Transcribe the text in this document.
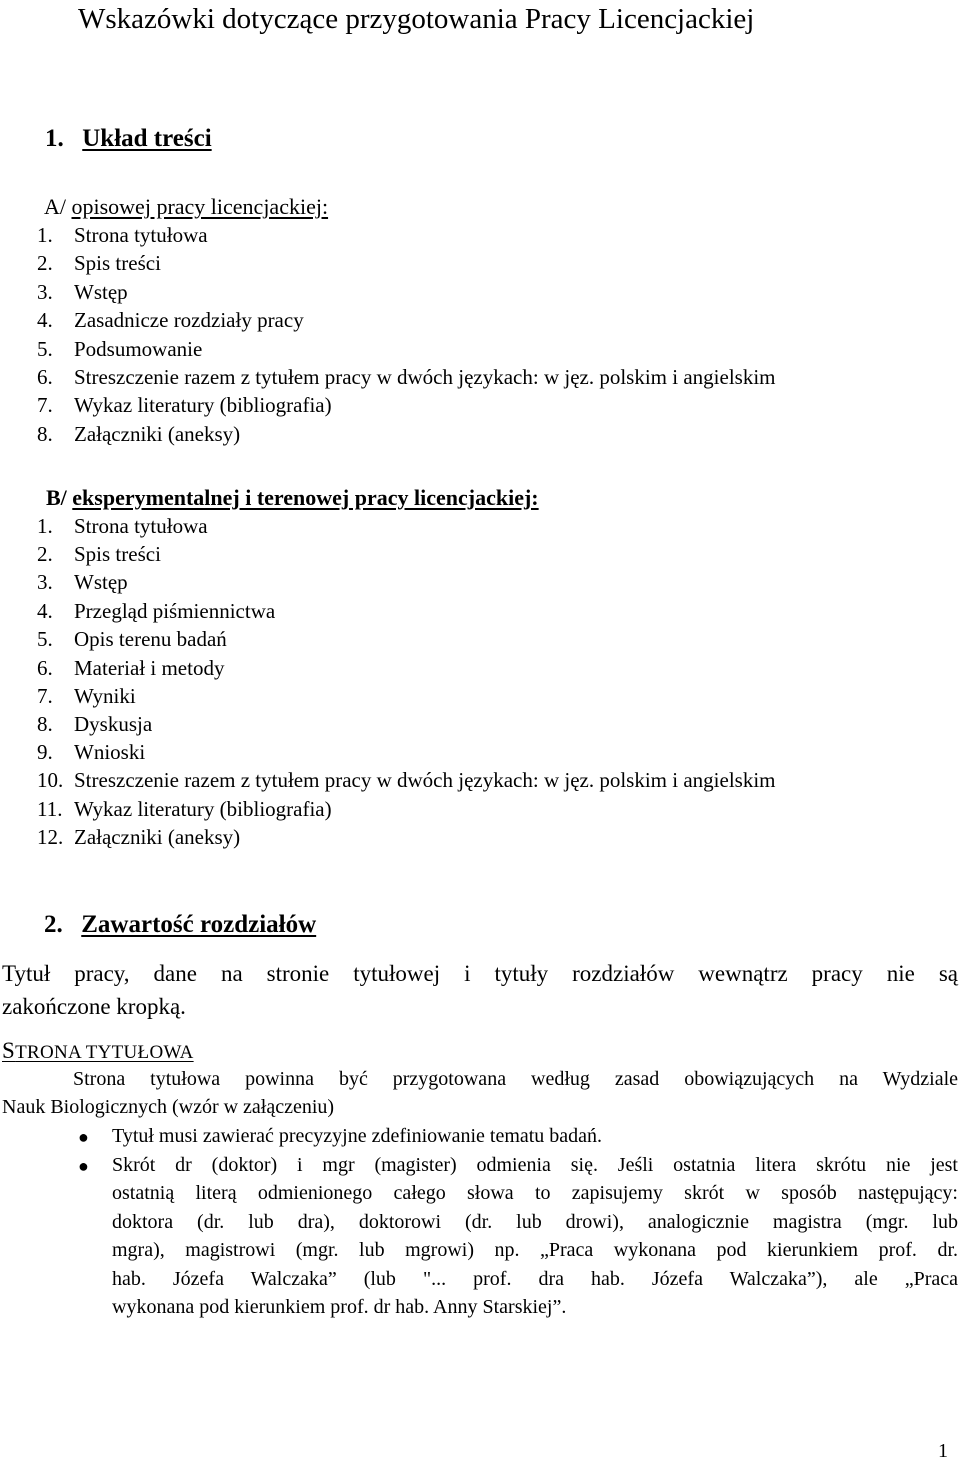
Wskazówki dotyczące przygotowania Pracy Licencjackiej
1. Układ treści
A/ opisowej pracy licencjackiej:
1. Strona tytułowa
2. Spis treści
3. Wstęp
4. Zasadnicze rozdziały pracy
5. Podsumowanie
6. Streszczenie razem z tytułem pracy w dwóch językach: w jęz. polskim i angielskim
7. Wykaz literatury (bibliografia)
8. Załączniki (aneksy)
B/ eksperymentalnej i terenowej pracy licencjackiej:
1. Strona tytułowa
2. Spis treści
3. Wstęp
4. Przegląd piśmiennictwa
5. Opis terenu badań
6. Materiał i metody
7. Wyniki
8. Dyskusja
9. Wnioski
10. Streszczenie razem z tytułem pracy w dwóch językach: w jęz. polskim i angielskim
11. Wykaz literatury (bibliografia)
12. Załączniki (aneksy)
2. Zawartość rozdziałów
Tytuł pracy, dane na stronie tytułowej i tytuły rozdziałów wewnątrz pracy nie są
zakończone kropką.
STRONA TYTUŁOWA
Strona tytułowa powinna być przygotowana według zasad obowiązujących na Wydziale
Nauk Biologicznych (wzór w załączeniu)
● Tytuł musi zawierać precyzyjne zdefiniowanie tematu badań.
● Skrót dr (doktor) i mgr (magister) odmienia się. Jeśli ostatnia litera skrótu nie jest
ostatnią literą odmienionego całego słowa to zapisujemy skrót w sposób następujący:
doktora (dr. lub dra), doktorowi (dr. lub drowi), analogicznie magistra (mgr. lub
mgra), magistrowi (mgr. lub mgrowi) np. „Praca wykonana pod kierunkiem prof. dr.
hab. Józefa Walczaka” (lub "... prof. dra hab. Józefa Walczaka”), ale „Praca
wykonana pod kierunkiem prof. dr hab. Anny Starskiej”.
1
